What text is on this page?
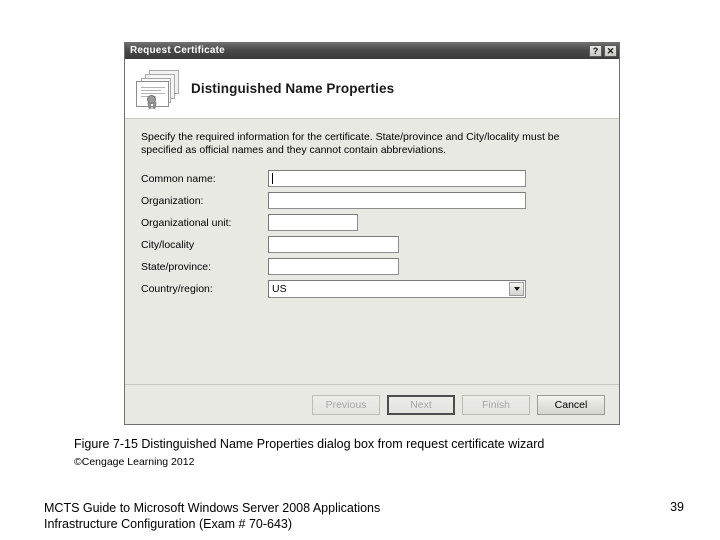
Request Certificate	? ✕
Distinguished Name Properties
Specify the required information for the certificate. State/province and City/locality must be specified as official names and they cannot contain abbreviations.
Common name:
Organization:
Organizational unit:
City/locality
State/province:
Country/region:	US
Previous	Next	Finish	Cancel
Figure 7-15 Distinguished Name Properties dialog box from request certificate wizard
©Cengage Learning 2012
MCTS Guide to Microsoft Windows Server 2008 Applications
Infrastructure Configuration (Exam # 70-643)
39
